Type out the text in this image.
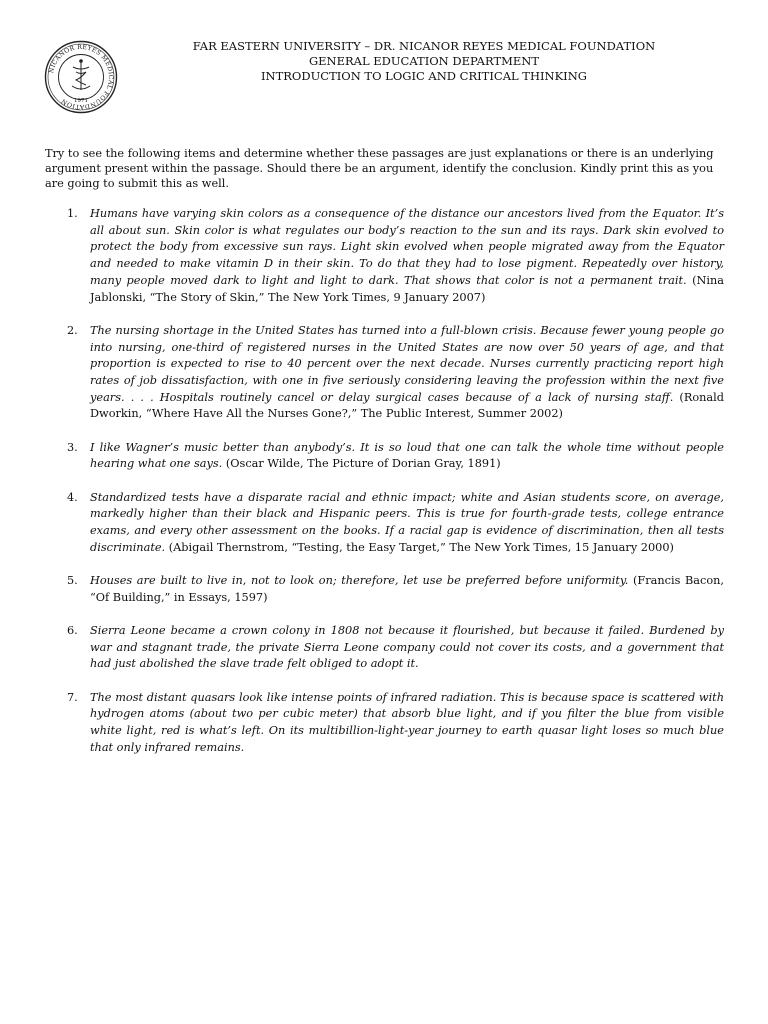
NICANOR REYES MEDICAL FOUNDATION 1971
FAR EASTERN UNIVERSITY – DR. NICANOR REYES MEDICAL FOUNDATION
GENERAL EDUCATION DEPARTMENT
INTRODUCTION TO LOGIC AND CRITICAL THINKING
Try to see the following items and determine whether these passages are just explanations or there is an underlying argument present within the passage. Should there be an argument, identify the conclusion. Kindly print this as you are going to submit this as well.
1.	Humans have varying skin colors as a consequence of the distance our ancestors lived from the Equator. It’s all about sun. Skin color is what regulates our body’s reaction to the sun and its rays. Dark skin evolved to protect the body from excessive sun rays. Light skin evolved when people migrated away from the Equator and needed to make vitamin D in their skin. To do that they had to lose pigment. Repeatedly over history, many people moved dark to light and light to dark. That shows that color is not a permanent trait. (Nina Jablonski, “The Story of Skin,” The New York Times, 9 January 2007)
2.	The nursing shortage in the United States has turned into a full-blown crisis. Because fewer young people go into nursing, one-third of registered nurses in the United States are now over 50 years of age, and that proportion is expected to rise to 40 percent over the next decade. Nurses currently practicing report high rates of job dissatisfaction, with one in five seriously considering leaving the profession within the next five years. . . . Hospitals routinely cancel or delay surgical cases because of a lack of nursing staff. (Ronald Dworkin, “Where Have All the Nurses Gone?,” The Public Interest, Summer 2002)
3.	I like Wagner’s music better than anybody’s. It is so loud that one can talk the whole time without people hearing what one says. (Oscar Wilde, The Picture of Dorian Gray, 1891)
4.	Standardized tests have a disparate racial and ethnic impact; white and Asian students score, on average, markedly higher than their black and Hispanic peers. This is true for fourth-grade tests, college entrance exams, and every other assessment on the books. If a racial gap is evidence of discrimination, then all tests discriminate. (Abigail Thernstrom, “Testing, the Easy Target,” The New York Times, 15 January 2000)
5.	Houses are built to live in, not to look on; therefore, let use be preferred before uniformity. (Francis Bacon, “Of Building,” in Essays, 1597)
6.	Sierra Leone became a crown colony in 1808 not because it flourished, but because it failed. Burdened by war and stagnant trade, the private Sierra Leone company could not cover its costs, and a government that had just abolished the slave trade felt obliged to adopt it.
7.	The most distant quasars look like intense points of infrared radiation. This is because space is scattered with hydrogen atoms (about two per cubic meter) that absorb blue light, and if you filter the blue from visible white light, red is what’s left. On its multibillion-light-year journey to earth quasar light loses so much blue that only infrared remains.
